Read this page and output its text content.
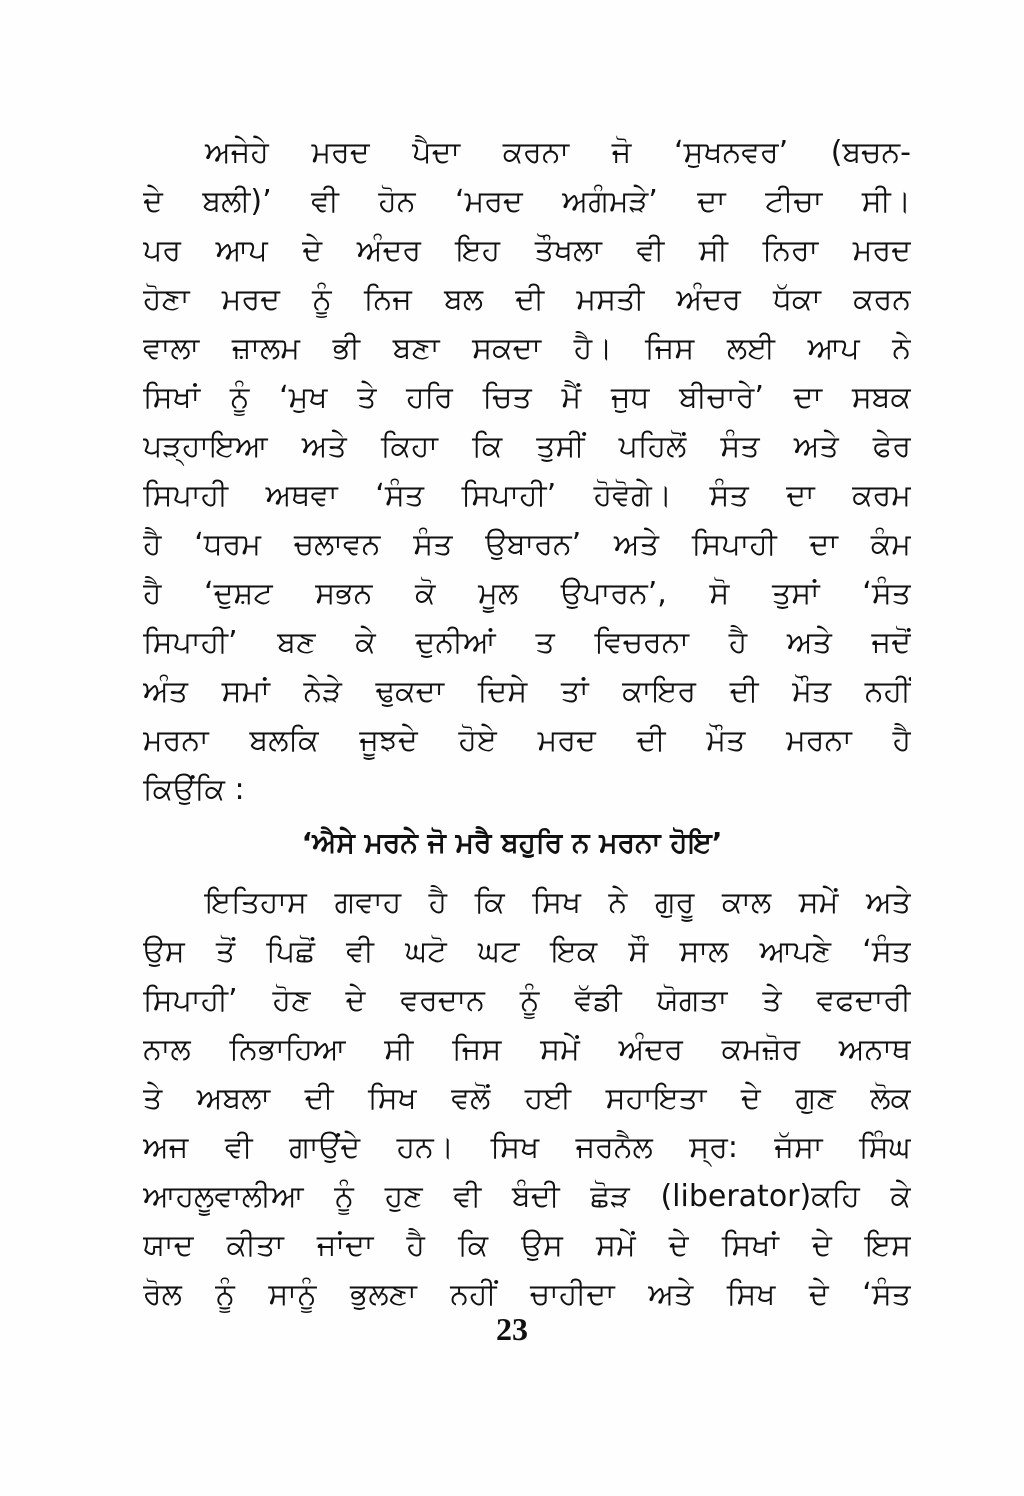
ਅਜੇਹੇ ਮਰਦ ਪੈਦਾ ਕਰਨਾ ਜੋ ‘ਸੁਖਨਵਰ’ (ਬਚਨ-
ਦੇ ਬਲੀ)’ ਵੀ ਹੋਨ ‘ਮਰਦ ਅਗੰਮੜੇ’ ਦਾ ਟੀਚਾ ਸੀ।
ਪਰ ਆਪ ਦੇ ਅੰਦਰ ਇਹ ਤੌਖਲਾ ਵੀ ਸੀ ਨਿਰਾ ਮਰਦ
ਹੋਣਾ ਮਰਦ ਨੂੰ ਨਿਜ ਬਲ ਦੀ ਮਸਤੀ ਅੰਦਰ ਧੱਕਾ ਕਰਨ
ਵਾਲਾ ਜ਼ਾਲਮ ਭੀ ਬਣਾ ਸਕਦਾ ਹੈ। ਜਿਸ ਲਈ ਆਪ ਨੇ
ਸਿਖਾਂ ਨੂੰ ‘ਮੁਖ ਤੇ ਹਰਿ ਚਿਤ ਮੈਂ ਜੁਧ ਬੀਚਾਰੇ’ ਦਾ ਸਬਕ
ਪੜ੍ਹਾਇਆ ਅਤੇ ਕਿਹਾ ਕਿ ਤੁਸੀਂ ਪਹਿਲੋਂ ਸੰਤ ਅਤੇ ਫੇਰ
ਸਿਪਾਹੀ ਅਥਵਾ ‘ਸੰਤ ਸਿਪਾਹੀ’ ਹੋਵੋਗੇ। ਸੰਤ ਦਾ ਕਰਮ
ਹੈ ‘ਧਰਮ ਚਲਾਵਨ ਸੰਤ ਉਬਾਰਨ’ ਅਤੇ ਸਿਪਾਹੀ ਦਾ ਕੰਮ
ਹੈ ‘ਦੁਸ਼ਟ ਸਭਨ ਕੋ ਮੂਲ ਉਪਾਰਨ’, ਸੋ ਤੁਸਾਂ ‘ਸੰਤ
ਸਿਪਾਹੀ’ ਬਣ ਕੇ ਦੁਨੀਆਂ ਤ ਵਿਚਰਨਾ ਹੈ ਅਤੇ ਜਦੋਂ
ਅੰਤ ਸਮਾਂ ਨੇੜੇ ਢੁਕਦਾ ਦਿਸੇ ਤਾਂ ਕਾਇਰ ਦੀ ਮੌਤ ਨਹੀਂ
ਮਰਨਾ ਬਲਕਿ ਜੂਝਦੇ ਹੋਏ ਮਰਦ ਦੀ ਮੌਤ ਮਰਨਾ ਹੈ
ਕਿਉਂਕਿ :
‘ਐਸੇ ਮਰਨੇ ਜੋ ਮਰੈ ਬਹੁਰਿ ਨ ਮਰਨਾ ਹੋਇ’
ਇਤਿਹਾਸ ਗਵਾਹ ਹੈ ਕਿ ਸਿਖ ਨੇ ਗੁਰੂ ਕਾਲ ਸਮੇਂ ਅਤੇ
ਉਸ ਤੋਂ ਪਿਛੋਂ ਵੀ ਘਟੋ ਘਟ ਇਕ ਸੌ ਸਾਲ ਆਪਣੇ ‘ਸੰਤ
ਸਿਪਾਹੀ’ ਹੋਣ ਦੇ ਵਰਦਾਨ ਨੂੰ ਵੱਡੀ ਯੋਗਤਾ ਤੇ ਵਫਦਾਰੀ
ਨਾਲ ਨਿਭਾਹਿਆ ਸੀ ਜਿਸ ਸਮੇਂ ਅੰਦਰ ਕਮਜ਼ੋਰ ਅਨਾਥ
ਤੇ ਅਬਲਾ ਦੀ ਸਿਖ ਵਲੋਂ ਹਈ ਸਹਾਇਤਾ ਦੇ ਗੁਣ ਲੋਕ
ਅਜ ਵੀ ਗਾਉਂਦੇ ਹਨ। ਸਿਖ ਜਰਨੈਲ ਸ੍ਰ: ਜੱਸਾ ਸਿੰਘ
ਆਹਲੂਵਾਲੀਆ ਨੂੰ ਹੁਣ ਵੀ ਬੰਦੀ ਛੋੜ (liberator)ਕਹਿ ਕੇ
ਯਾਦ ਕੀਤਾ ਜਾਂਦਾ ਹੈ ਕਿ ਉਸ ਸਮੇਂ ਦੇ ਸਿਖਾਂ ਦੇ ਇਸ
ਰੋਲ ਨੂੰ ਸਾਨੂੰ ਭੁਲਣਾ ਨਹੀਂ ਚਾਹੀਦਾ ਅਤੇ ਸਿਖ ਦੇ ‘ਸੰਤ
23
